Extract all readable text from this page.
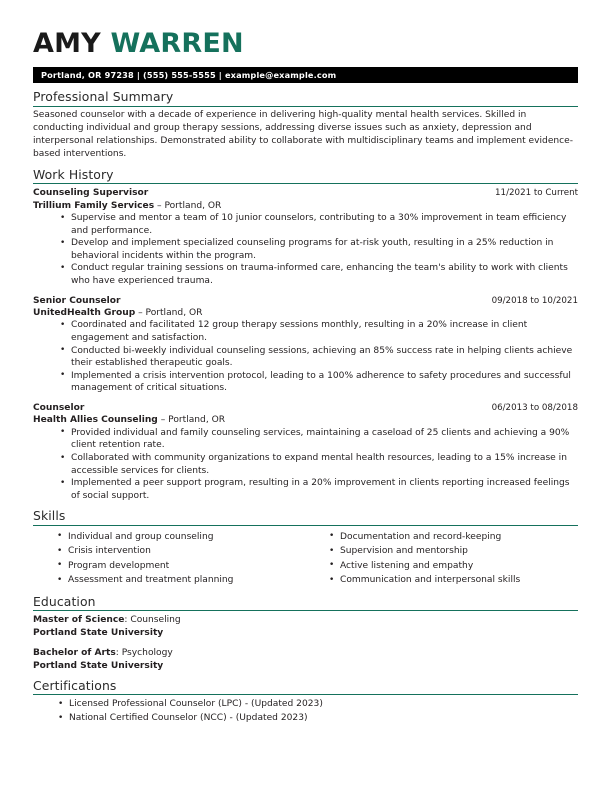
AMY WARREN
Portland, OR 97238 | (555) 555-5555 | example@example.com
Professional Summary
Seasoned counselor with a decade of experience in delivering high-quality mental health services. Skilled in conducting individual and group therapy sessions, addressing diverse issues such as anxiety, depression and interpersonal relationships. Demonstrated ability to collaborate with multidisciplinary teams and implement evidence-based interventions.
Work History
Counseling Supervisor	11/2021 to Current
Trillium Family Services – Portland, OR
• Supervise and mentor a team of 10 junior counselors, contributing to a 30% improvement in team efficiency and performance.
• Develop and implement specialized counseling programs for at-risk youth, resulting in a 25% reduction in behavioral incidents within the program.
• Conduct regular training sessions on trauma-informed care, enhancing the team's ability to work with clients who have experienced trauma.
Senior Counselor	09/2018 to 10/2021
UnitedHealth Group – Portland, OR
• Coordinated and facilitated 12 group therapy sessions monthly, resulting in a 20% increase in client engagement and satisfaction.
• Conducted bi-weekly individual counseling sessions, achieving an 85% success rate in helping clients achieve their established therapeutic goals.
• Implemented a crisis intervention protocol, leading to a 100% adherence to safety procedures and successful management of critical situations.
Counselor	06/2013 to 08/2018
Health Allies Counseling – Portland, OR
• Provided individual and family counseling services, maintaining a caseload of 25 clients and achieving a 90% client retention rate.
• Collaborated with community organizations to expand mental health resources, leading to a 15% increase in accessible services for clients.
• Implemented a peer support program, resulting in a 20% improvement in clients reporting increased feelings of social support.
Skills
• Individual and group counseling
• Crisis intervention
• Program development
• Assessment and treatment planning
• Documentation and record-keeping
• Supervision and mentorship
• Active listening and empathy
• Communication and interpersonal skills
Education
Master of Science: Counseling
Portland State University
Bachelor of Arts: Psychology
Portland State University
Certifications
• Licensed Professional Counselor (LPC) - (Updated 2023)
• National Certified Counselor (NCC) - (Updated 2023)
